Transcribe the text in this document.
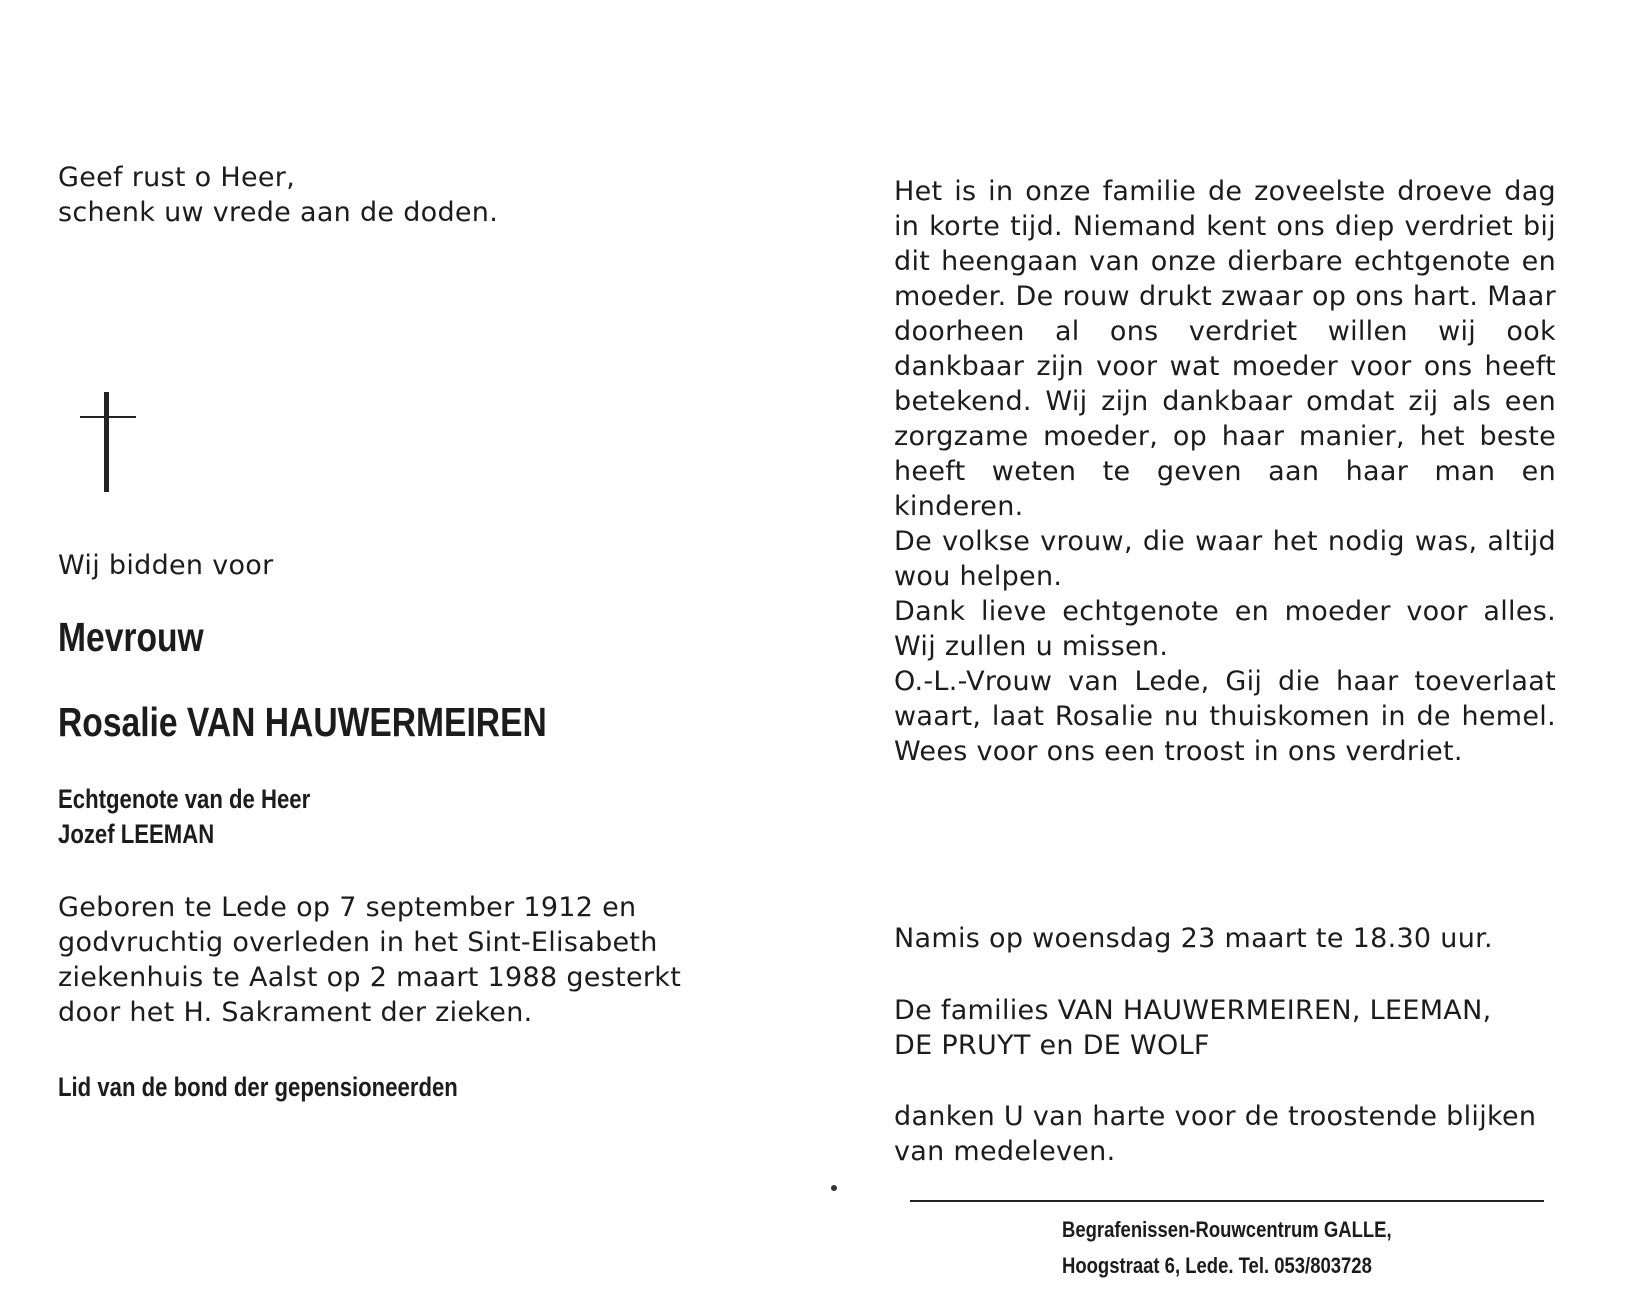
Geef rust o Heer,

schenk uw vrede aan de doden.

Wij bidden voor

Mevrouw

Rosalie VAN HAUWERMEIREN

Echtgenote van de Heer

Jozef LEEMAN

Geboren te Lede op 7 september 1912 en godvruchtig overleden in het Sint-Elisabeth ziekenhuis te Aalst op 2 maart 1988 gesterkt door het H. Sakrament der zieken.

Lid van de bond der gepensioneerden

Het is in onze familie de zoveelste droeve dag in korte tijd. Niemand kent ons diep verdriet bij dit heengaan van onze dierbare echtgenote en moeder. De rouw drukt zwaar op ons hart. Maar doorheen al ons verdriet willen wij ook dankbaar zijn voor wat moeder voor ons heeft betekend. Wij zijn dankbaar omdat zij als een zorgzame moeder, op haar manier, het beste heeft weten te geven aan haar man en kinderen.

De volkse vrouw, die waar het nodig was, altijd wou helpen.

Dank lieve echtgenote en moeder voor alles. Wij zullen u missen.

O.-L.-Vrouw van Lede, Gij die haar toeverlaat waart, laat Rosalie nu thuiskomen in de hemel. Wees voor ons een troost in ons verdriet.

Namis op woensdag 23 maart te 18.30 uur.

De families VAN HAUWERMEIREN, LEEMAN,

DE PRUYT en DE WOLF

danken U van harte voor de troostende blijken

van medeleven.

Begrafenissen-Rouwcentrum GALLE,

Hoogstraat 6, Lede. Tel. 053/803728
